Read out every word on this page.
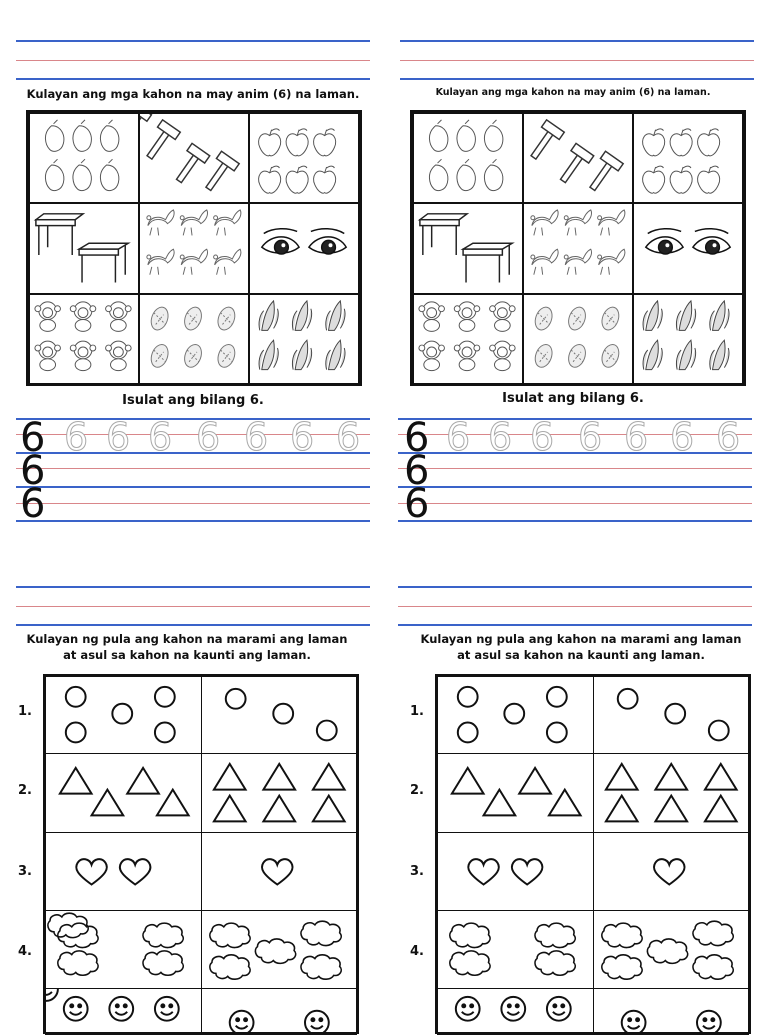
Kulayan ang mga kahon na may anim (6) na laman.

Isulat ang bilang 6.
6 6 6 6 6 6 6 6
6
6
Kulayan ang mga kahon na may anim (6) na laman.

Isulat ang bilang 6.
6 6 6 6 6 6 6 6
6
6
Kulayan ng pula ang kahon na marami ang laman
at asul sa kahon na kaunti ang laman.
1.
2.
3.
4.

Kulayan ng pula ang kahon na marami ang laman
at asul sa kahon na kaunti ang laman.
1.
2.
3.
4.
